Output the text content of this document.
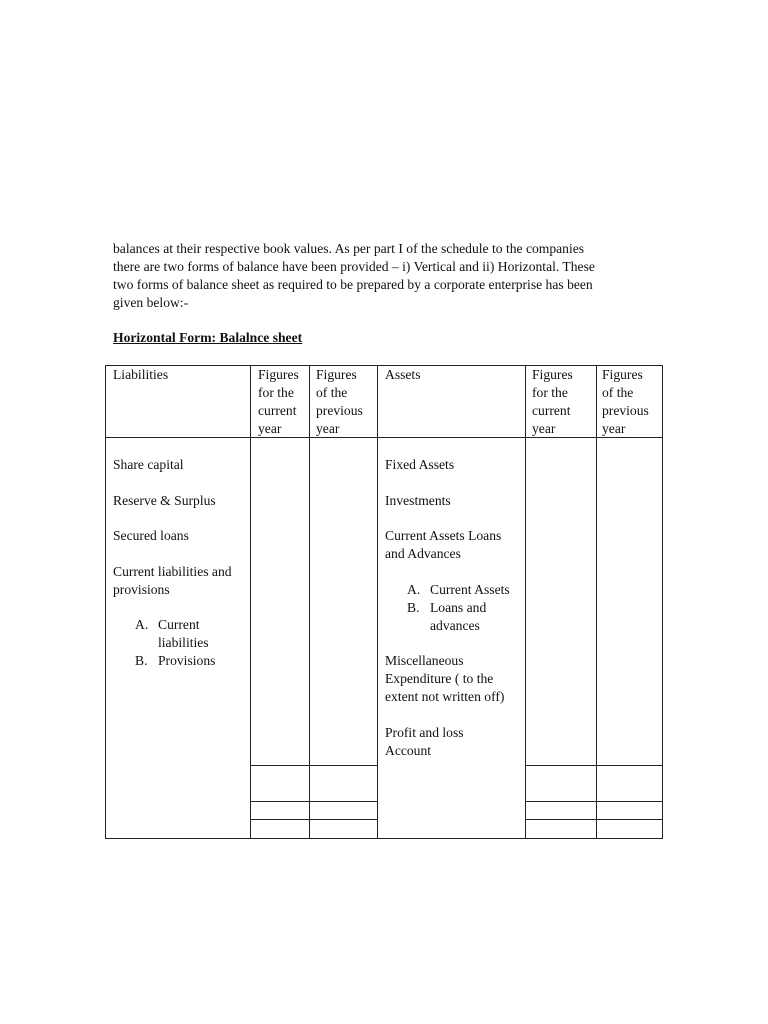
balances at their respective book values. As per part I of the schedule to the companies
there are two forms of balance have been provided – i) Vertical and ii) Horizontal. These
two forms of balance sheet as required to be prepared by a corporate enterprise has been
given below:-
Horizontal Form: Balalnce sheet
Liabilities	Figures
for the
current
year
Figures
of the
previous
year
Assets	Figures
for the
current
year
Figures
of the
previous
year
Share capital
Reserve & Surplus
Secured loans
Current liabilities and
provisions
A. Current
liabilities
B. Provisions
Fixed Assets
Investments
Current Assets Loans
and Advances
A. Current Assets
B. Loans and
advances
Miscellaneous
Expenditure ( to the
extent not written off)
Profit and loss
Account
